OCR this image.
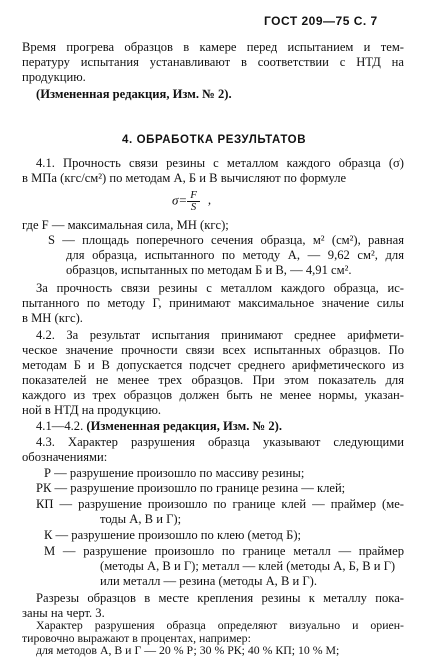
ГОСТ 209—75 С. 7
Время прогрева образцов в камере перед испытанием и тем-
пературу испытания устанавливают в соответствии с НТД на
продукцию.
(Измененная редакция, Изм. № 2).
4. ОБРАБОТКА РЕЗУЛЬТАТОВ
4.1. Прочность связи резины с металлом каждого образца (σ)
в МПа (кгс/см²) по методам А, Б и В вычисляют по формуле
$\sigma= \frac{F}{S}$ ,
где F — максимальная сила, МН (кгс);
S — площадь поперечного сечения образца, м² (см²), равная
для образца, испытанного по методу А, — 9,62 см², для
образцов, испытанных по методам Б и В, — 4,91 см².
За прочность связи резины с металлом каждого образца, ис-
пытанного по методу Г, принимают максимальное значение силы
в МН (кгс).
4.2. За результат испытания принимают среднее арифмети-
ческое значение прочности связи всех испытанных образцов. По
методам Б и В допускается подсчет среднего арифметического из
показателей не менее трех образцов. При этом показатель для
каждого из трех образцов должен быть не менее нормы, указан-
ной в НТД на продукцию.
4.1—4.2. (Измененная редакция, Изм. № 2).
4.3. Характер разрушения образца указывают следующими
обозначениями:
Р — разрушение произошло по массиву резины;
РК — разрушение произошло по границе резина — клей;
КП — разрушение произошло по границе клей — праймер (ме-
тоды А, В и Г);
К — разрушение произошло по клею (метод Б);
М — разрушение произошло по границе металл — праймер
(методы А, В и Г); металл — клей (методы А, Б, В и Г)
или металл — резина (методы А, В и Г).
Разрезы образцов в месте крепления резины к металлу пока-
заны на черт. 3.
Характер разрушения образца определяют визуально и ориен-
тировочно выражают в процентах, например:
для методов А, В и Г — 20 % Р; 30 % РК; 40 % КП; 10 % М;
